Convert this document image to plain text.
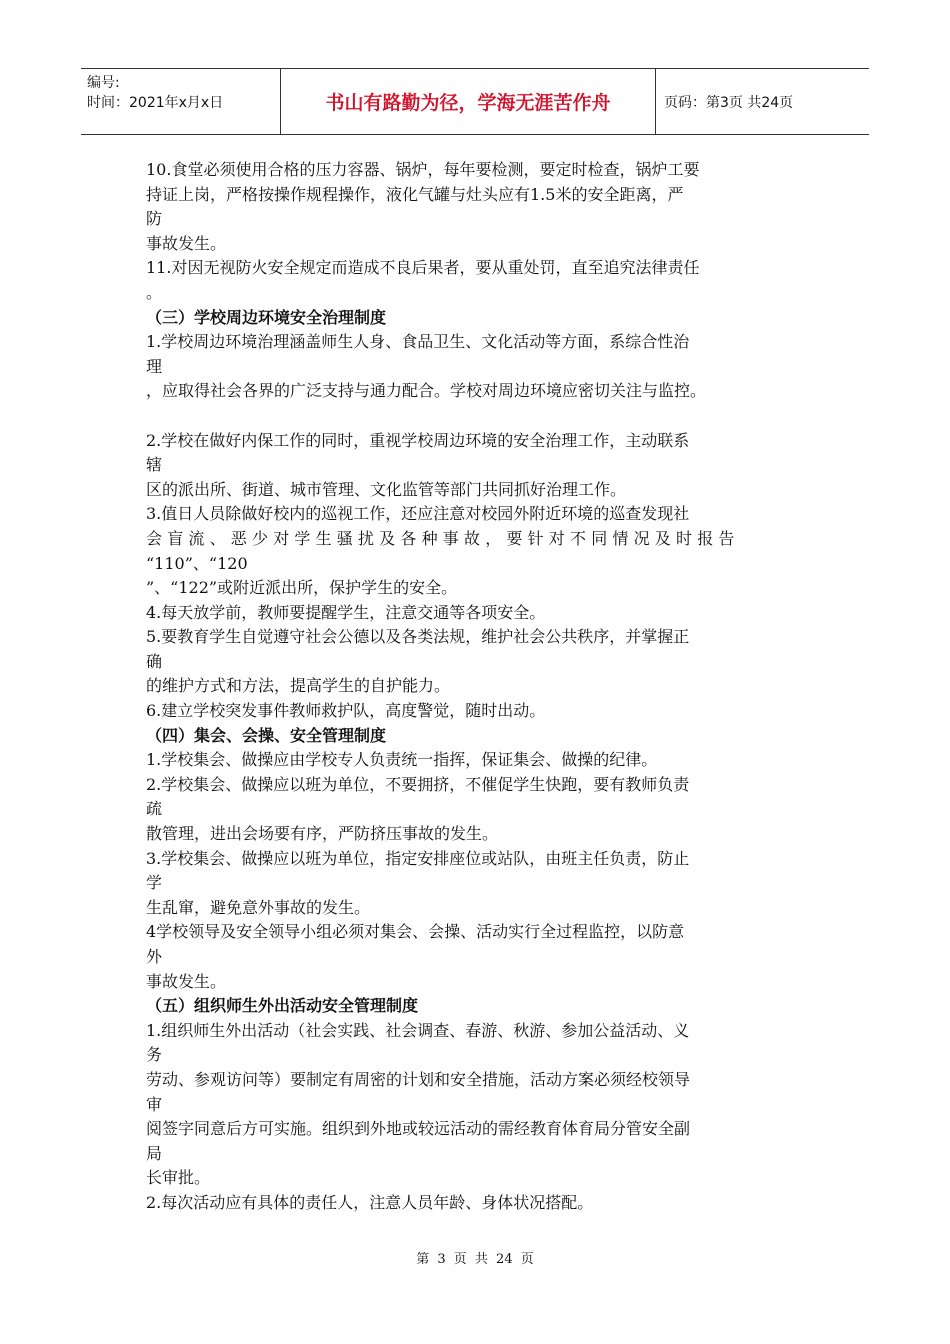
编号:
时间：2021年x月x日	书山有路勤为径，学海无涯苦作舟	页码：第3页 共24页
10.食堂必须使用合格的压力容器、锅炉，每年要检测，要定时检查，锅炉工要
持证上岗，严格按操作规程操作，液化气罐与灶头应有1.5米的安全距离，严
防
事故发生。
11.对因无视防火安全规定而造成不良后果者，要从重处罚，直至追究法律责任
。
（三）学校周边环境安全治理制度
1.学校周边环境治理涵盖师生人身、食品卫生、文化活动等方面，系综合性治
理
，应取得社会各界的广泛支持与通力配合。学校对周边环境应密切关注与监控。
2.学校在做好内保工作的同时，重视学校周边环境的安全治理工作，主动联系
辖
区的派出所、街道、城市管理、文化监管等部门共同抓好治理工作。
3.值日人员除做好校内的巡视工作，还应注意对校园外附近环境的巡查发现社
会盲流、恶少对学生骚扰及各种事故，要针对不同情况及时报告
“110”、“120
”、“122”或附近派出所，保护学生的安全。
4.每天放学前，教师要提醒学生，注意交通等各项安全。
5.要教育学生自觉遵守社会公德以及各类法规，维护社会公共秩序，并掌握正
确
的维护方式和方法，提高学生的自护能力。
6.建立学校突发事件教师救护队，高度警觉，随时出动。
（四）集会、会操、安全管理制度
1.学校集会、做操应由学校专人负责统一指挥，保证集会、做操的纪律。
2.学校集会、做操应以班为单位，不要拥挤，不催促学生快跑，要有教师负责
疏
散管理，进出会场要有序，严防挤压事故的发生。
3.学校集会、做操应以班为单位，指定安排座位或站队，由班主任负责，防止
学
生乱窜，避免意外事故的发生。
4学校领导及安全领导小组必须对集会、会操、活动实行全过程监控，以防意
外
事故发生。
（五）组织师生外出活动安全管理制度
1.组织师生外出活动（社会实践、社会调查、春游、秋游、参加公益活动、义
务
劳动、参观访问等）要制定有周密的计划和安全措施，活动方案必须经校领导
审
阅签字同意后方可实施。组织到外地或较远活动的需经教育体育局分管安全副
局
长审批。
2.每次活动应有具体的责任人，注意人员年龄、身体状况搭配。
第 3 页 共 24 页
